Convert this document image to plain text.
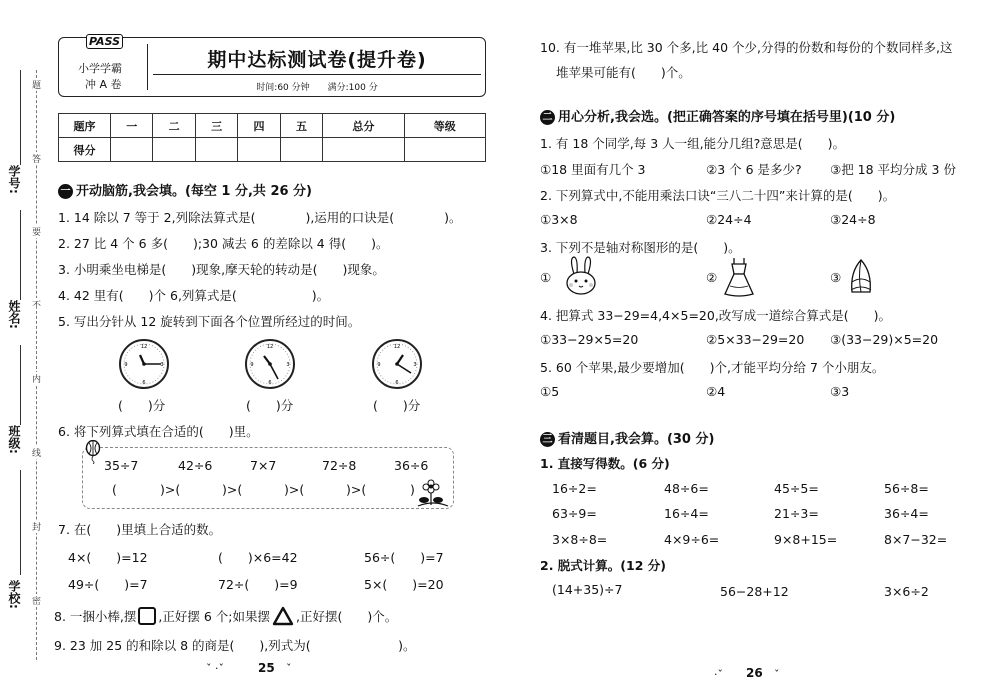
学号:
姓名:
班级:
学校:
题
答
要
不
内
线
封
密
PASS
小学学霸
冲 A 卷
期中达标测试卷(提升卷)
时间:60 分钟　　满分:100 分
题序	一	二	三	四	五	总分	等级
得分							
一 开动脑筋,我会填。(每空 1 分,共 26 分)
1. 14 除以 7 等于 2,列除法算式是(　　　　),运用的口诀是(　　　　)。
2. 27 比 4 个 6 多(　　);30 减去 6 的差除以 4 得(　　)。
3. 小明乘坐电梯是(　　)现象,摩天轮的转动是(　　)现象。
4. 42 里有(　　)个 6,列算式是(　　　　　　)。
5. 写出分针从 12 旋转到下面各个位置所经过的时间。
12
3
6
9
12
3
6
9
12
3
6
9
(　　)分	(　　)分	(　　)分
6. 将下列算式填在合适的(　　)里。
35÷7	42÷6	7×7	72÷8	36÷6
(	)>(	)>(	)>(	)>(	)
7. 在(　　)里填上合适的数。
4×(　　)=12	(　　)×6=42	56÷(　　)=7
49÷(　　)=7	72÷(　　)=9	5×(　　)=20
8. 一捆小棒,摆 ,正好摆 6 个;如果摆 ,正好摆(　　)个。
9. 23 加 25 的和除以 8 的商是(　　),列式为(　　　　　　　)。
ˇ ·ˇ	25 ˇ
10. 有一堆苹果,比 30 个多,比 40 个少,分得的份数和每份的个数同样多,这
堆苹果可能有(　　)个。
二 用心分析,我会选。(把正确答案的序号填在括号里)(10 分)
1. 有 18 个同学,每 3 人一组,能分几组?意思是(　　)。
①18 里面有几个 3	②3 个 6 是多少? ③把 18 平均分成 3 份
2. 下列算式中,不能用乘法口诀“三八二十四”来计算的是(　　)。
①3×8	②24÷4	③24÷8
3. 下列不是轴对称图形的是(　　)。
①	②	③
4. 把算式 33−29=4,4×5=20,改写成一道综合算式是(　　)。
①33−29×5=20	②5×33−29=20 ③(33−29)×5=20
5. 60 个苹果,最少要增加(　　)个,才能平均分给 7 个小朋友。
①5	②4	③3
三 看清题目,我会算。(30 分)
1. 直接写得数。(6 分)
16÷2=	48÷6=	45÷5=	56÷8=
63÷9=	16÷4=	21÷3=	36÷4=
3×8÷8=	4×9÷6=	9×8+15=	8×7−32=
2. 脱式计算。(12 分)
(14+35)÷7	56−28+12	3×6÷2
·ˇ 26 ˇ
